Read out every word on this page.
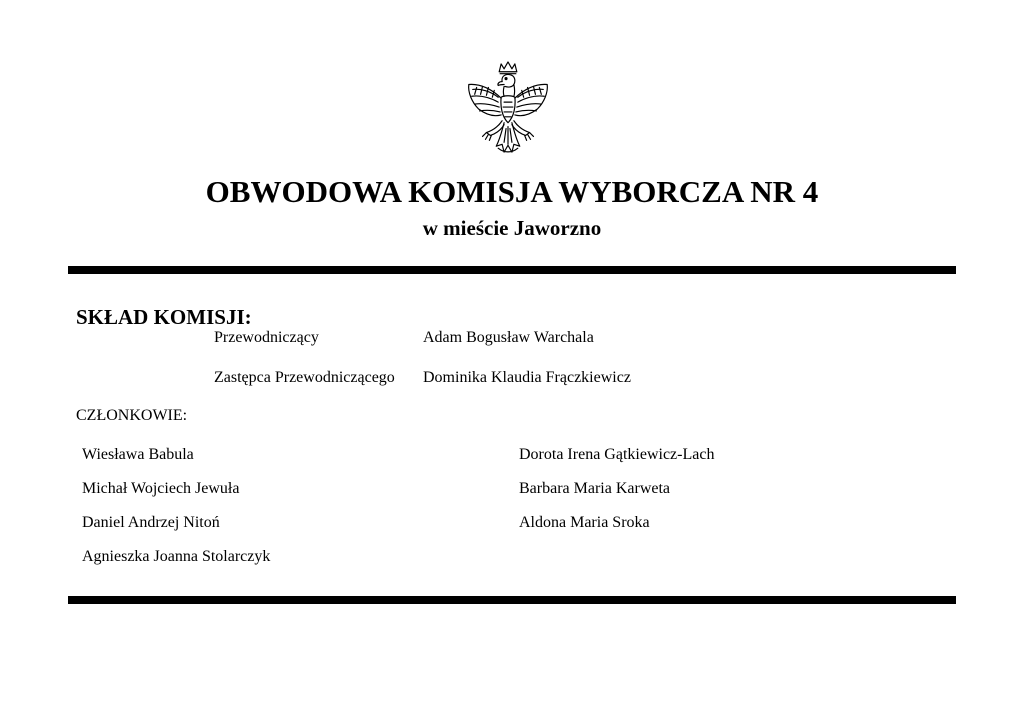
OBWODOWA KOMISJA WYBORCZA NR 4
w mieście Jaworzno
SKŁAD KOMISJI:
Przewodniczący	Adam Bogusław Warchala
Zastępca Przewodniczącego Dominika Klaudia Frączkiewicz
CZŁONKOWIE:
Wiesława Babula
Michał Wojciech Jewuła
Daniel Andrzej Nitoń
Agnieszka Joanna Stolarczyk
Dorota Irena Gątkiewicz-Lach
Barbara Maria Karweta
Aldona Maria Sroka
